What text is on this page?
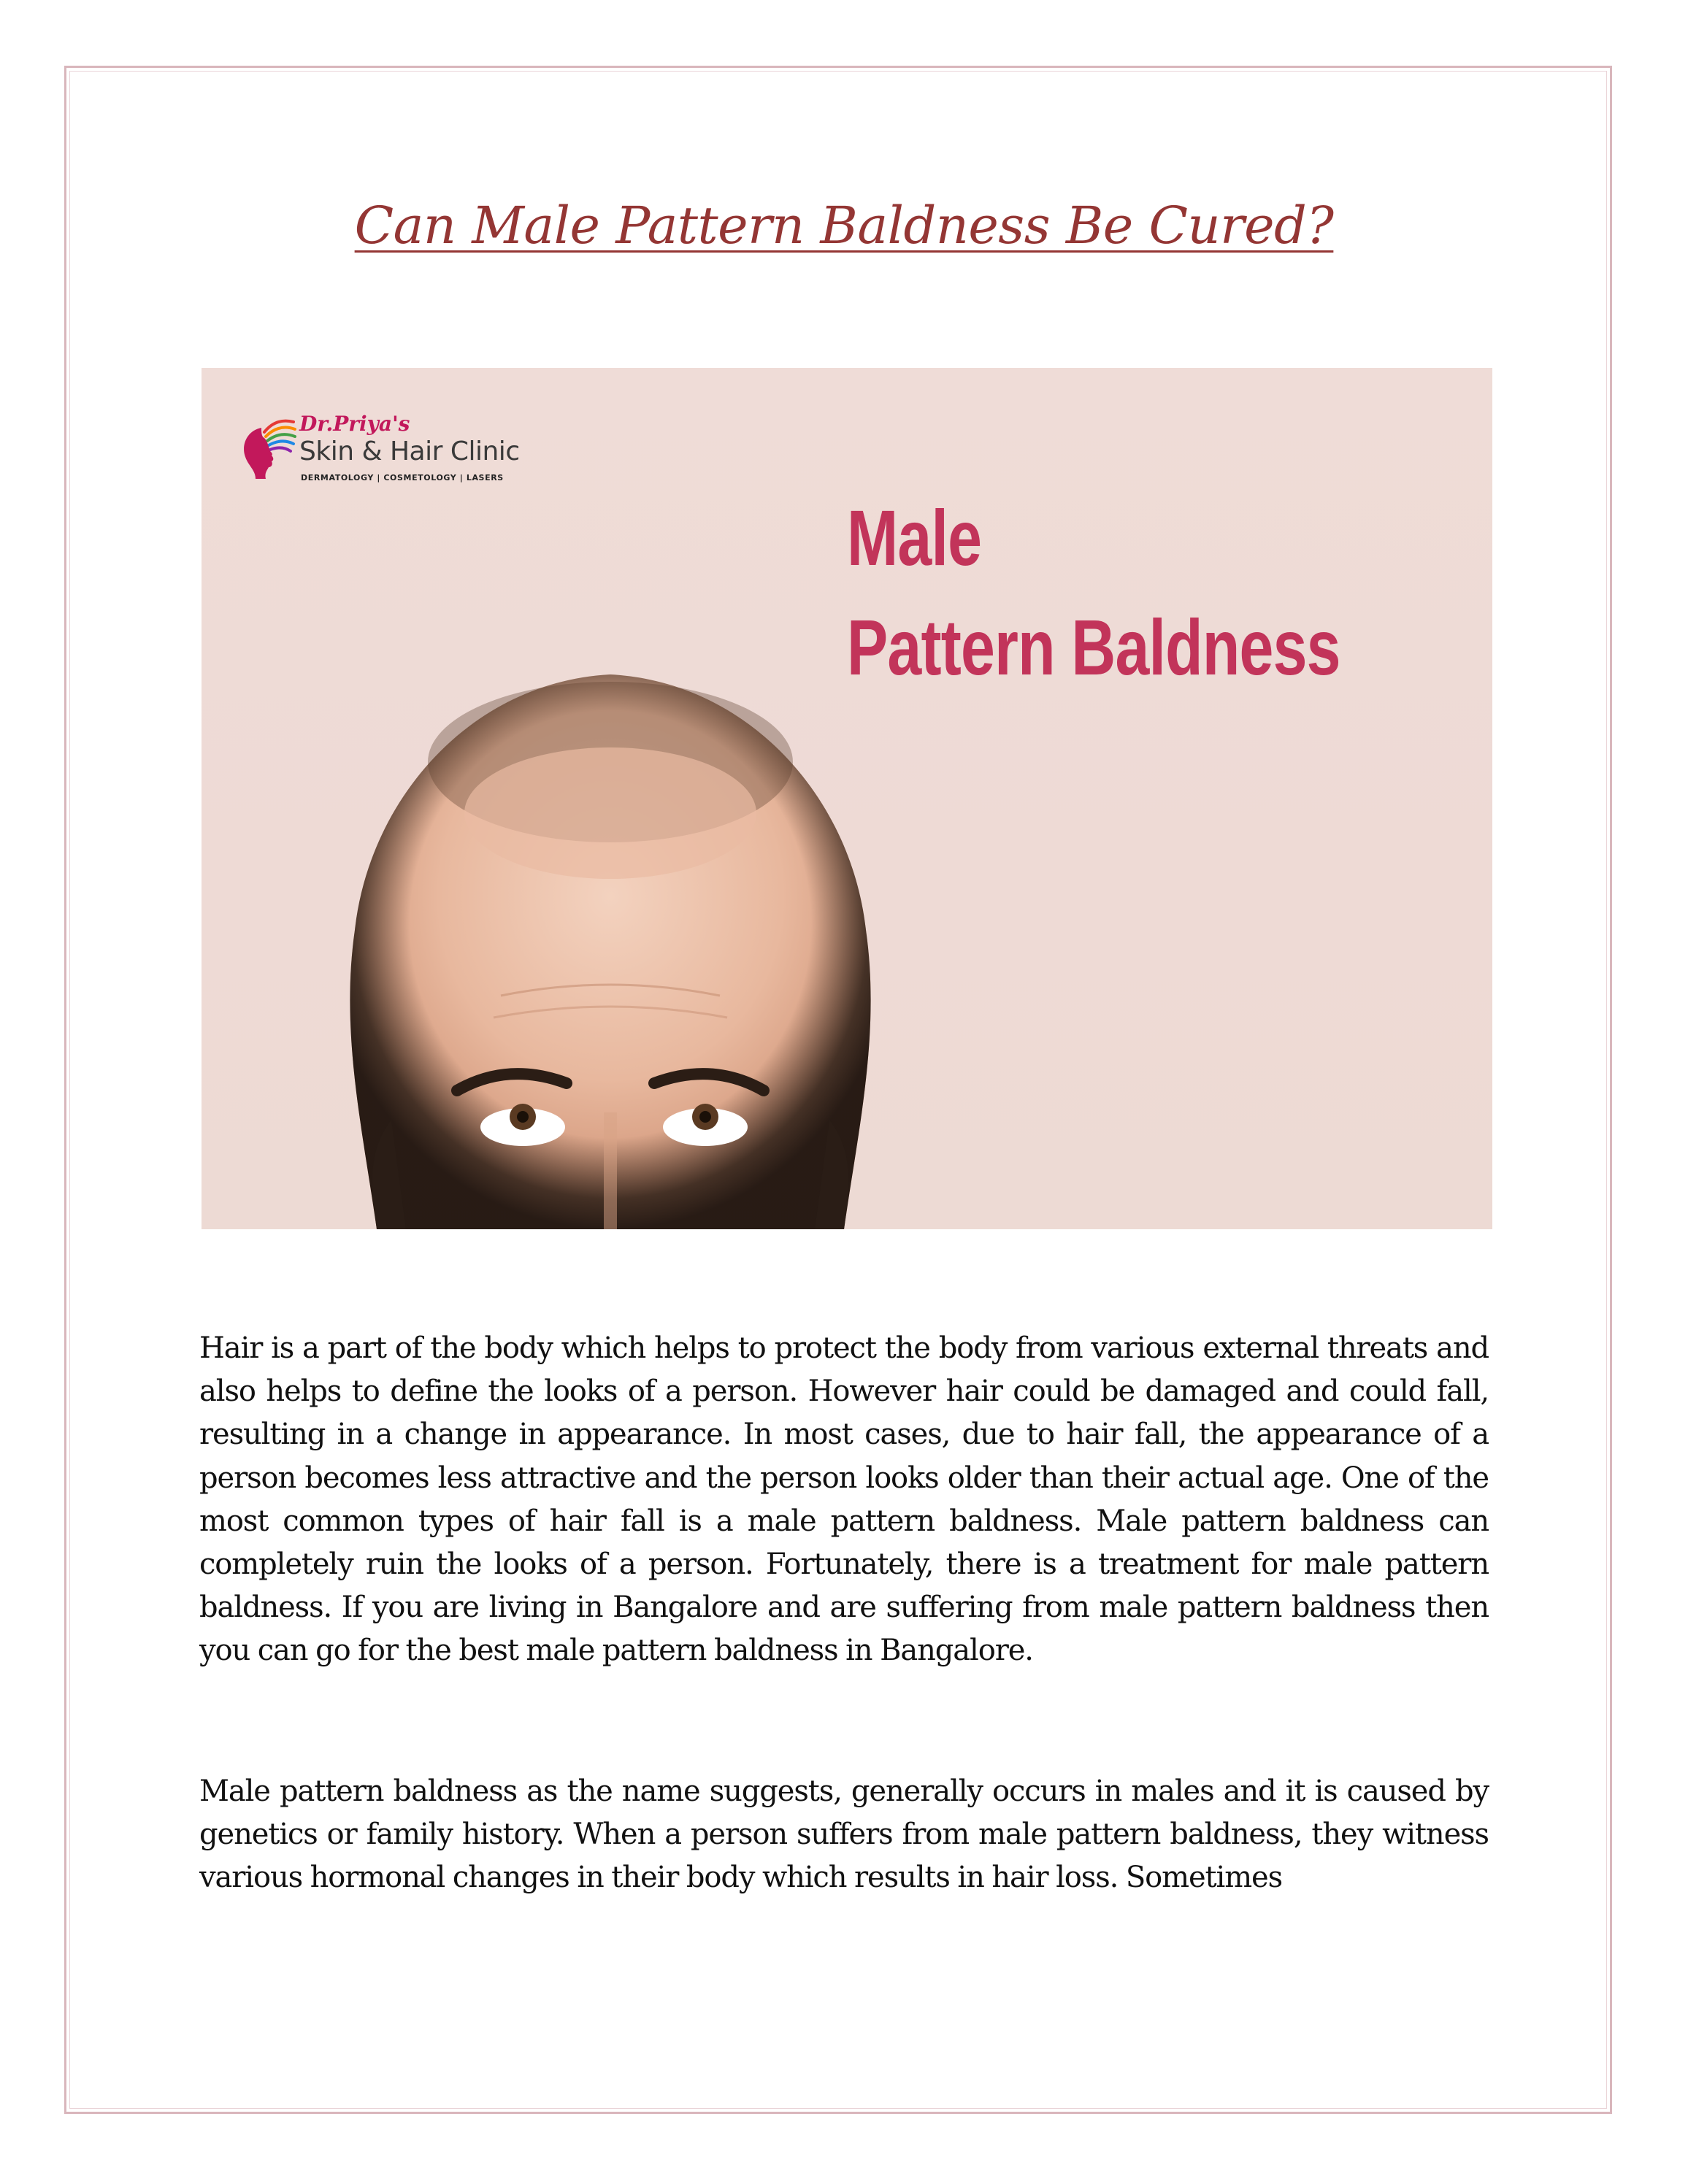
Can Male Pattern Baldness Be Cured?
Dr.Priya's
Skin & Hair Clinic
DERMATOLOGY | COSMETOLOGY | LASERS
Male
Pattern Baldness

Hair is a part of the body which helps to protect the body from various external threats and also helps to define the looks of a person. However hair could be damaged and could fall, resulting in a change in appearance. In most cases, due to hair fall, the appearance of a person becomes less attractive and the person looks older than their actual age. One of the most common types of hair fall is a male pattern baldness. Male pattern baldness can completely ruin the looks of a person. Fortunately, there is a treatment for male pattern baldness. If you are living in Bangalore and are suffering from male pattern baldness then you can go for the best male pattern baldness in Bangalore.

Male pattern baldness as the name suggests, generally occurs in males and it is caused by genetics or family history. When a person suffers from male pattern baldness, they witness various hormonal changes in their body which results in hair loss. Sometimes
